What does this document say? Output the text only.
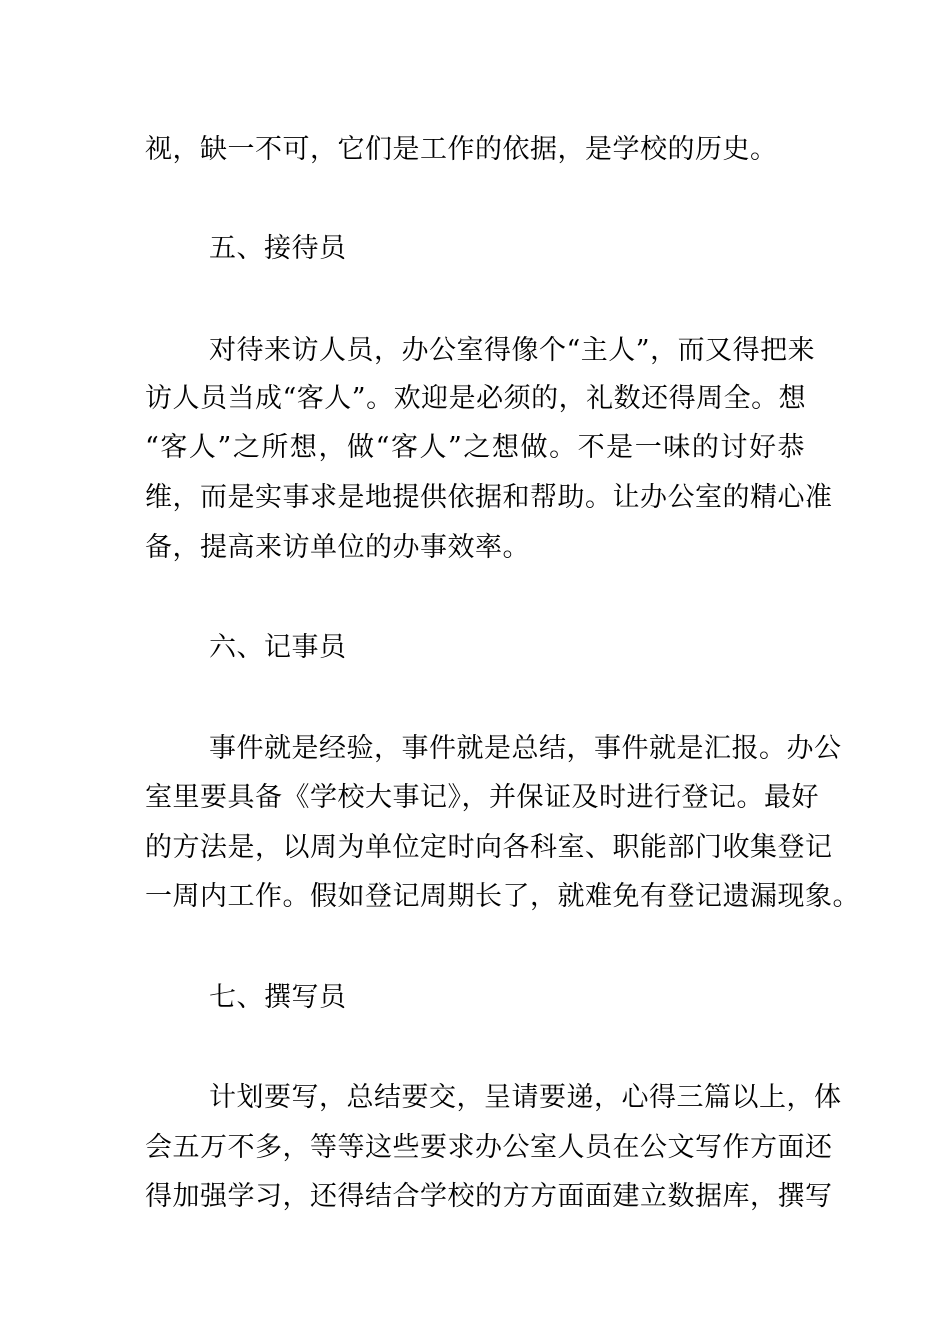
视，缺一不可，它们是工作的依据，是学校的历史。
五、接待员
对待来访人员，办公室得像个“主人”，而又得把来
访人员当成“客人”。欢迎是必须的，礼数还得周全。想
“客人”之所想，做“客人”之想做。不是一味的讨好恭
维，而是实事求是地提供依据和帮助。让办公室的精心准
备，提高来访单位的办事效率。
六、记事员
事件就是经验，事件就是总结，事件就是汇报。办公
室里要具备《学校大事记》，并保证及时进行登记。最好
的方法是，以周为单位定时向各科室、职能部门收集登记
一周内工作。假如登记周期长了，就难免有登记遗漏现象。
七、撰写员
计划要写，总结要交，呈请要递，心得三篇以上，体
会五万不多，等等这些要求办公室人员在公文写作方面还
得加强学习，还得结合学校的方方面面建立数据库，撰写
